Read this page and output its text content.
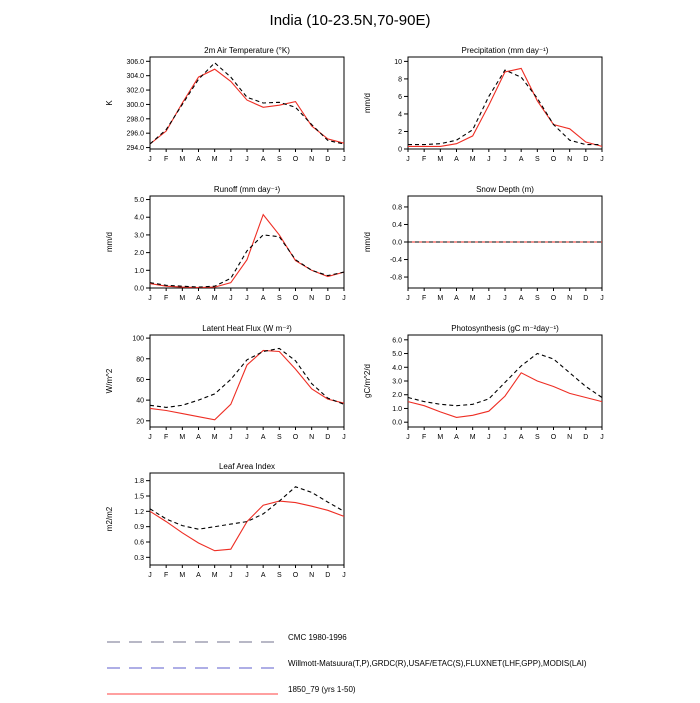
India (10-23.5N,70-90E)
2m Air Temperature (°K)
K
294.0
296.0
298.0
300.0
302.0
304.0
306.0
J F M A M J J A S O N D J
Precipitation (mm day⁻¹)
mm/d
0
2
4
6
8
10
J F M A M J J A S O N D J
Runoff (mm day⁻¹)
mm/d
0.0
1.0
2.0
3.0
4.0
5.0
J F M A M J J A S O N D J
Snow Depth (m)
mm/d
-0.8
-0.4
0.0
0.4
0.8
J F M A M J J A S O N D J
Latent Heat Flux (W m⁻²)
W/m^2
20
40
60
80
100
J F M A M J J A S O N D J
Photosynthesis (gC m⁻²day⁻¹)
gC/m^2/d
0.0
1.0
2.0
3.0
4.0
5.0
6.0
J F M A M J J A S O N D J
Leaf Area Index
m2/m2
0.3
0.6
0.9
1.2
1.5
1.8
J F M A M J J A S O N D J
CMC 1980-1996
Willmott-Matsuura(T,P),GRDC(R),USAF/ETAC(S),FLUXNET(LHF,GPP),MODIS(LAI)
1850_79 (yrs 1-50)
